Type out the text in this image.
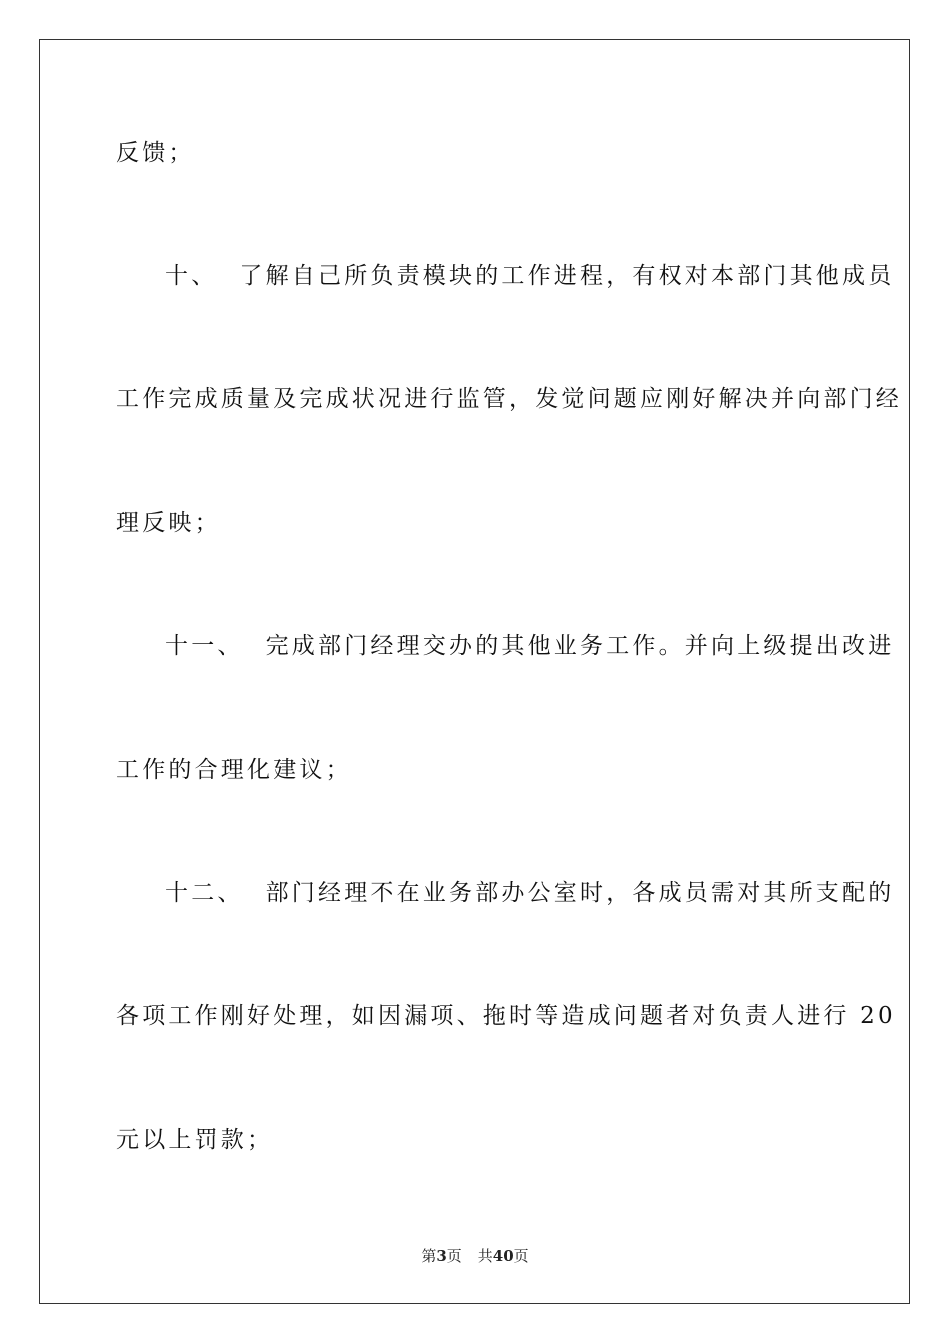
反馈；
十、 了解自己所负责模块的工作进程，有权对本部门其他成员
工作完成质量及完成状况进行监管，发觉问题应刚好解决并向部门经
理反映；
十一、 完成部门经理交办的其他业务工作。并向上级提出改进
工作的合理化建议；
十二、 部门经理不在业务部办公室时，各成员需对其所支配的
各项工作刚好处理，如因漏项、拖时等造成问题者对负责人进行 20
元以上罚款；
第3页 共40页
